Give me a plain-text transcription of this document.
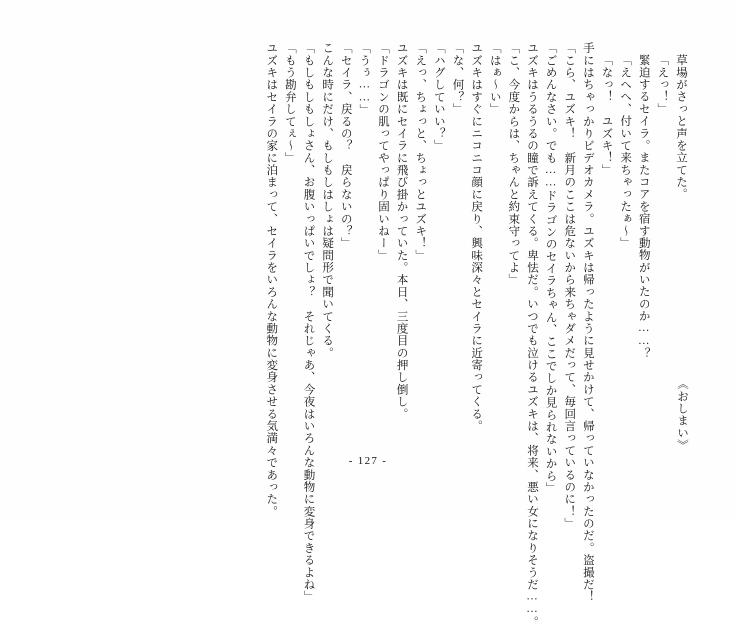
草場がさっと声を立てた。
「えっ！」
緊迫するセイラ。またコアを宿す動物がいたのか……？
「えへへ、付いて来ちゃったぁ～」
「なっ！　ユズキ！」
手にはちゃっかりビデオカメラ。ユズキは帰ったように見せかけて、帰っていなかったのだ。盗撮だ！
「こら、ユズキ！　新月のここは危ないから来ちゃダメだって、毎回言っているのに！」
「ごめんなさい。でも……ドラゴンのセイラちゃん、ここでしか見られないから」
ユズキはうるうるの瞳で訴えてくる。卑怯だ。いつでも泣けるユズキは、将来、悪い女になりそうだ……。
「こ、今度からは、ちゃんと約束守ってよ」
「はぁ～い」
ユズキはすぐにニコニコ顔に戻り、興味深々とセイラに近寄ってくる。
「な、何？」
「ハグしていい？」
「えっ、ちょっと、ちょっとユズキ！」
ユズキは既にセイラに飛び掛かっていた。本日、三度目の押し倒し。
「ドラゴンの肌ってやっぱり固いねー」
「うぅ……」
「セイラ、戻るの？　戻らないの？」
こんな時にだけ、もしもしはしょは疑問形で聞いてくる。
「もしもしもしょさん、お腹いっぱいでしょ？　それじゃあ、今夜はいろんな動物に変身できるよね」
「もう勘弁してぇ～」
ユズキはセイラの家に泊まって、セイラをいろんな動物に変身させる気満々であった。	《おしまい》
- 127 -
